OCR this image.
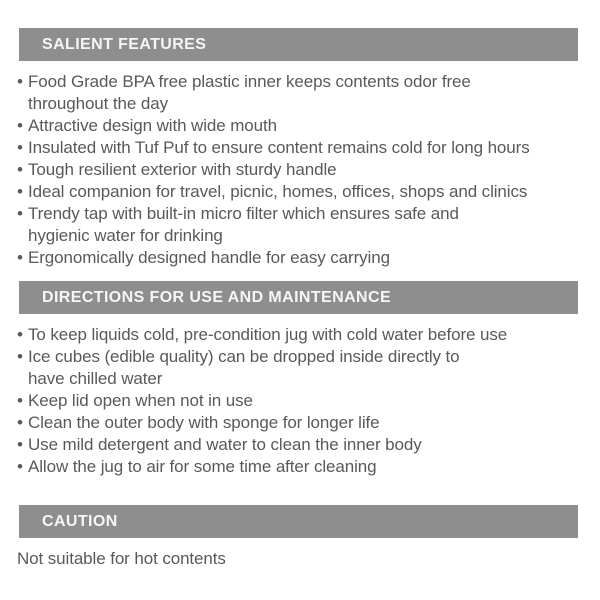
SALIENT FEATURES
• Food Grade BPA free plastic inner keeps contents odor free
throughout the day
• Attractive design with wide mouth
• Insulated with Tuf Puf to ensure content remains cold for long hours
• Tough resilient exterior with sturdy handle
• Ideal companion for travel, picnic, homes, offices, shops and clinics
• Trendy tap with built-in micro filter which ensures safe and
hygienic water for drinking
• Ergonomically designed handle for easy carrying
DIRECTIONS FOR USE AND MAINTENANCE
• To keep liquids cold, pre-condition jug with cold water before use
• Ice cubes (edible quality) can be dropped inside directly to
have chilled water
• Keep lid open when not in use
• Clean the outer body with sponge for longer life
• Use mild detergent and water to clean the inner body
• Allow the jug to air for some time after cleaning
CAUTION
Not suitable for hot contents
